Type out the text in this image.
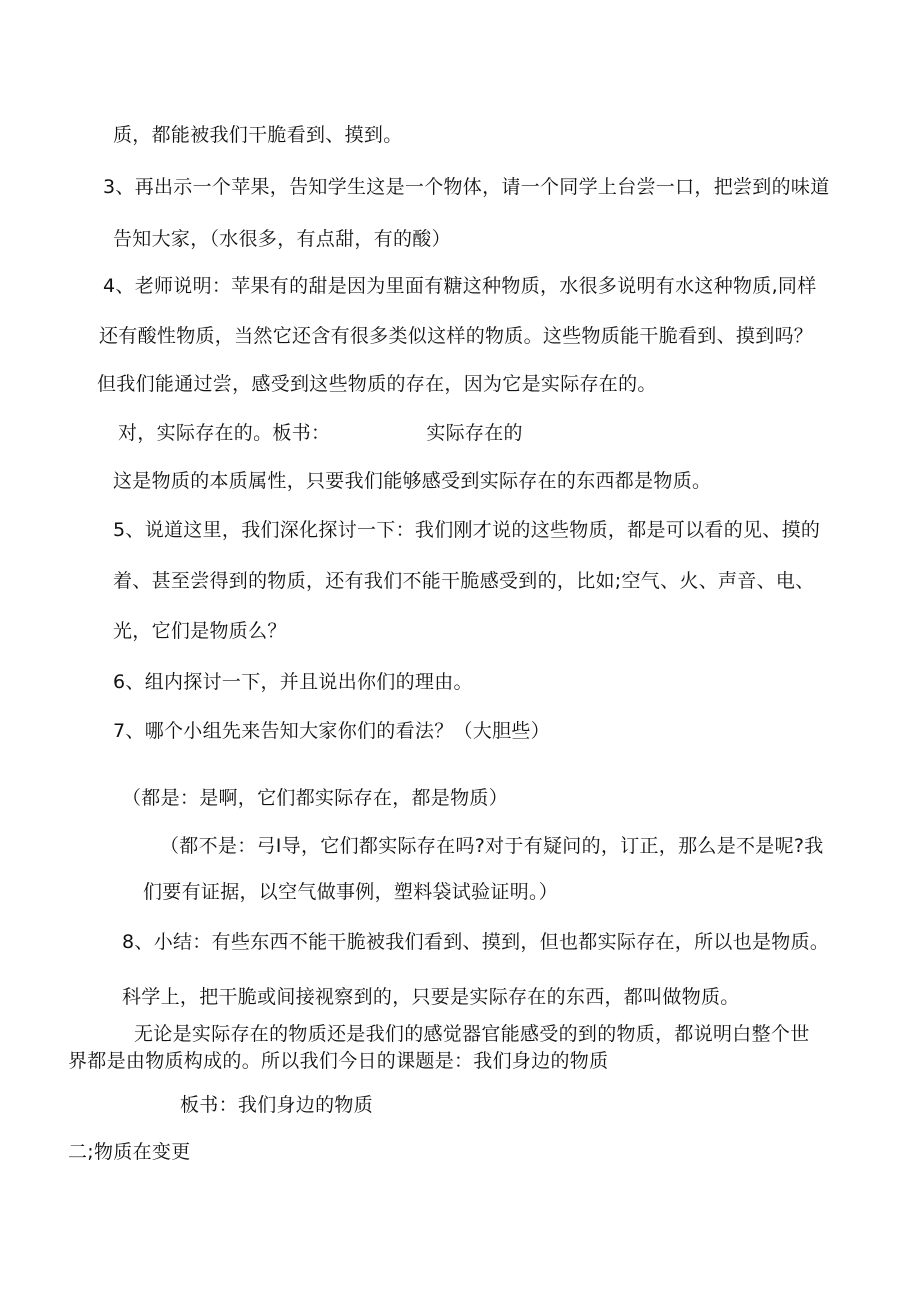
质，都能被我们干脆看到、摸到。
3、再出示一个苹果，告知学生这是一个物体，请一个同学上台尝一口，把尝到的味道
告知大家，（水很多，有点甜，有的酸）
4、老师说明：苹果有的甜是因为里面有糖这种物质，水很多说明有水这种物质,同样
还有酸性物质，当然它还含有很多类似这样的物质。这些物质能干脆看到、摸到吗？
但我们能通过尝，感受到这些物质的存在，因为它是实际存在的。
对，实际存在的。板书：	实际存在的
这是物质的本质属性，只要我们能够感受到实际存在的东西都是物质。
5、说道这里，我们深化探讨一下：我们刚才说的这些物质，都是可以看的见、摸的
着、甚至尝得到的物质，还有我们不能干脆感受到的，比如;空气、火、声音、电、
光，它们是物质么？
6、组内探讨一下，并且说出你们的理由。
7、哪个小组先来告知大家你们的看法？（大胆些）
（都是：是啊，它们都实际存在，都是物质）
（都不是：弓I导，它们都实际存在吗?对于有疑问的，订正，那么是不是呢?我
们要有证据，以空气做事例，塑料袋试验证明。）
8、小结：有些东西不能干脆被我们看到、摸到，但也都实际存在，所以也是物质。
科学上，把干脆或间接视察到的，只要是实际存在的东西，都叫做物质。
无论是实际存在的物质还是我们的感觉器官能感受的到的物质，都说明白整个世
界都是由物质构成的。所以我们今日的课题是：我们身边的物质
板书：我们身边的物质
二;物质在变更
